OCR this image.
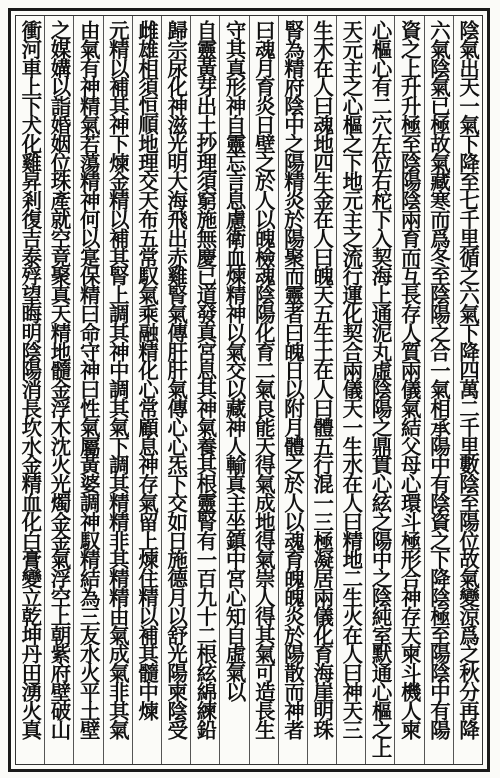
陰氣出天一氣下降至七千里循之六氣下降四萬二千里數陰至陽位故氣變涼爲之秋分再降
六氣陰氣已極故氣藏寒而爲冬至陰陽之合一氣相承陽中有陰資之下降陰極至陽陰中有陽
資之上升升極至陰陽陰兩育而互長存人質兩儀氣結父母心環斗極形合神存天柬斗機人柬
心樞心有二穴左位右柁下入契海上通泥丸虛陰陽之鼎貫心絃之陽中之陰純室默通心樞之上
天元主之心樞之下地元主之流行運化契合兩儀天一生水在人曰精地二生火在人曰神天三
生木在人曰魂地四生金在人曰魄天五生土在人曰體五行混一三極凝居兩儀化育海崖明珠
腎為精府陰中之陽精炎於陽聚而靈者曰魄日以附月體之於人以魂育魄魄炎於陽散而神者
曰魂月育炎日壁之於人以魄檢魂陰陽化育二氣良能天得氣成地得氣崇人得其氣可造長生
守其真形神自靈忘言息慮衛血煉精神以氣交以藏神人輸真主坐鎮中宮心知自虛氣以
自靈黃芽出土抄理須窮施無慶已道發真宮息其神氣養其根靈腎有一百九十二根絃綿練鉛
歸宗尿化神滋光明大海飛出赤雞腎氣傳肝肝氣傳心心炁下交如日施德月以舒光陽柬陰受
雌雄相須恒順地理交天布五常馭氣乘融精化心常顧息神存氣留上煉住精以補其髓中煉
元精以補其神下煉金精以補其腎上調其神中調其氣下調其精精非其精精由氣成氣非其氣
由氣有神精氣若蕩精神何以寔保精曰命守神曰性氣屬黃婆調神馭精結為三友水火平土壁
之媒媾以詣婚姻位珠產就空竟聚真天精地髓金浮木沈火光燭金金氣浮空上朝紫府壁破山
衝河車上下犬化雞昇剎復吉泰殍望晦明陰陽消長坎水金精血化白膏變立乾坤丹田湧火真
